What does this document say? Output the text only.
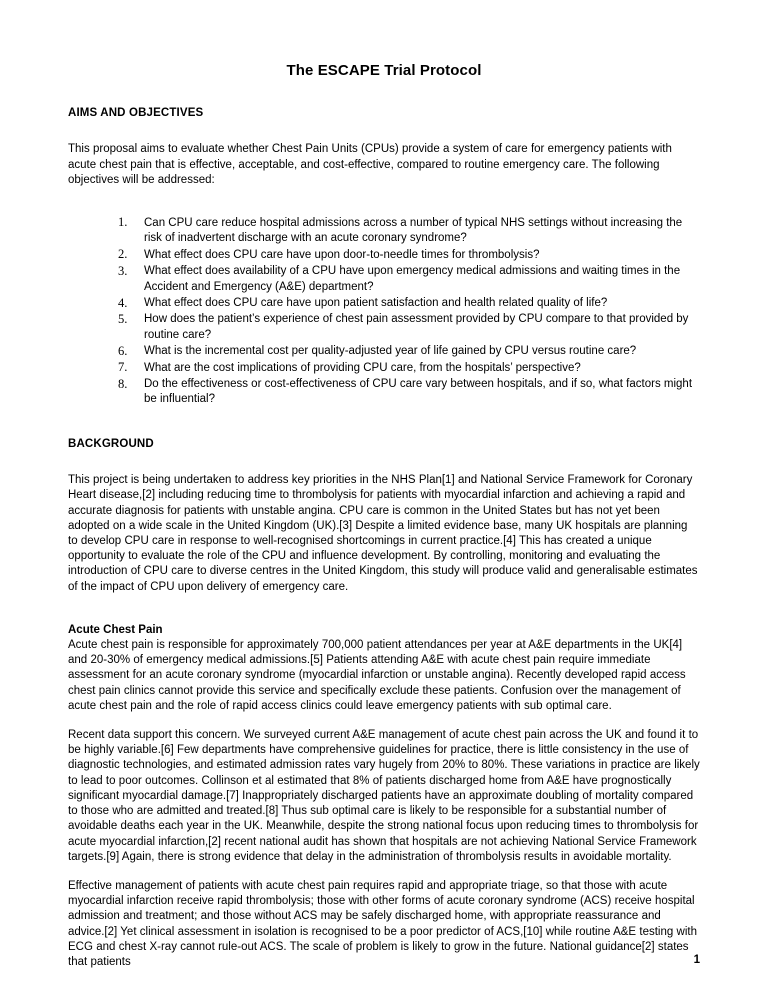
The ESCAPE Trial Protocol
AIMS AND OBJECTIVES

This proposal aims to evaluate whether Chest Pain Units (CPUs) provide a system of care for emergency patients with acute chest pain that is effective, acceptable, and cost-effective, compared to routine emergency care. The following objectives will be addressed:

Can CPU care reduce hospital admissions across a number of typical NHS settings without increasing the risk of inadvertent discharge with an acute coronary syndrome?
What effect does CPU care have upon door-to-needle times for thrombolysis?
What effect does availability of a CPU have upon emergency medical admissions and waiting times in the Accident and Emergency (A&E) department?
What effect does CPU care have upon patient satisfaction and health related quality of life?
How does the patient’s experience of chest pain assessment provided by CPU compare to that provided by routine care?
What is the incremental cost per quality-adjusted year of life gained by CPU versus routine care?
What are the cost implications of providing CPU care, from the hospitals’ perspective?
Do the effectiveness or cost-effectiveness of CPU care vary between hospitals, and if so, what factors might be influential?
BACKGROUND

This project is being undertaken to address key priorities in the NHS Plan[1] and National Service Framework for Coronary Heart disease,[2] including reducing time to thrombolysis for patients with myocardial infarction and achieving a rapid and accurate diagnosis for patients with unstable angina. CPU care is common in the United States but has not yet been adopted on a wide scale in the United Kingdom (UK).[3] Despite a limited evidence base, many UK hospitals are planning to develop CPU care in response to well-recognised shortcomings in current practice.[4] This has created a unique opportunity to evaluate the role of the CPU and influence development. By controlling, monitoring and evaluating the introduction of CPU care to diverse centres in the United Kingdom, this study will produce valid and generalisable estimates of the impact of CPU upon delivery of emergency care.

Acute Chest Pain

Acute chest pain is responsible for approximately 700,000 patient attendances per year at A&E departments in the UK[4] and 20-30% of emergency medical admissions.[5] Patients attending A&E with acute chest pain require immediate assessment for an acute coronary syndrome (myocardial infarction or unstable angina). Recently developed rapid access chest pain clinics cannot provide this service and specifically exclude these patients. Confusion over the management of acute chest pain and the role of rapid access clinics could leave emergency patients with sub optimal care.

Recent data support this concern. We surveyed current A&E management of acute chest pain across the UK and found it to be highly variable.[6] Few departments have comprehensive guidelines for practice, there is little consistency in the use of diagnostic technologies, and estimated admission rates vary hugely from 20% to 80%. These variations in practice are likely to lead to poor outcomes. Collinson et al estimated that 8% of patients discharged home from A&E have prognostically significant myocardial damage.[7] Inappropriately discharged patients have an approximate doubling of mortality compared to those who are admitted and treated.[8] Thus sub optimal care is likely to be responsible for a substantial number of avoidable deaths each year in the UK. Meanwhile, despite the strong national focus upon reducing times to thrombolysis for acute myocardial infarction,[2] recent national audit has shown that hospitals are not achieving National Service Framework targets.[9] Again, there is strong evidence that delay in the administration of thrombolysis results in avoidable mortality.

Effective management of patients with acute chest pain requires rapid and appropriate triage, so that those with acute myocardial infarction receive rapid thrombolysis; those with other forms of acute coronary syndrome (ACS) receive hospital admission and treatment; and those without ACS may be safely discharged home, with appropriate reassurance and advice.[2] Yet clinical assessment in isolation is recognised to be a poor predictor of ACS,[10] while routine A&E testing with ECG and chest X-ray cannot rule-out ACS. The scale of problem is likely to grow in the future. National guidance[2] states that patients	1
